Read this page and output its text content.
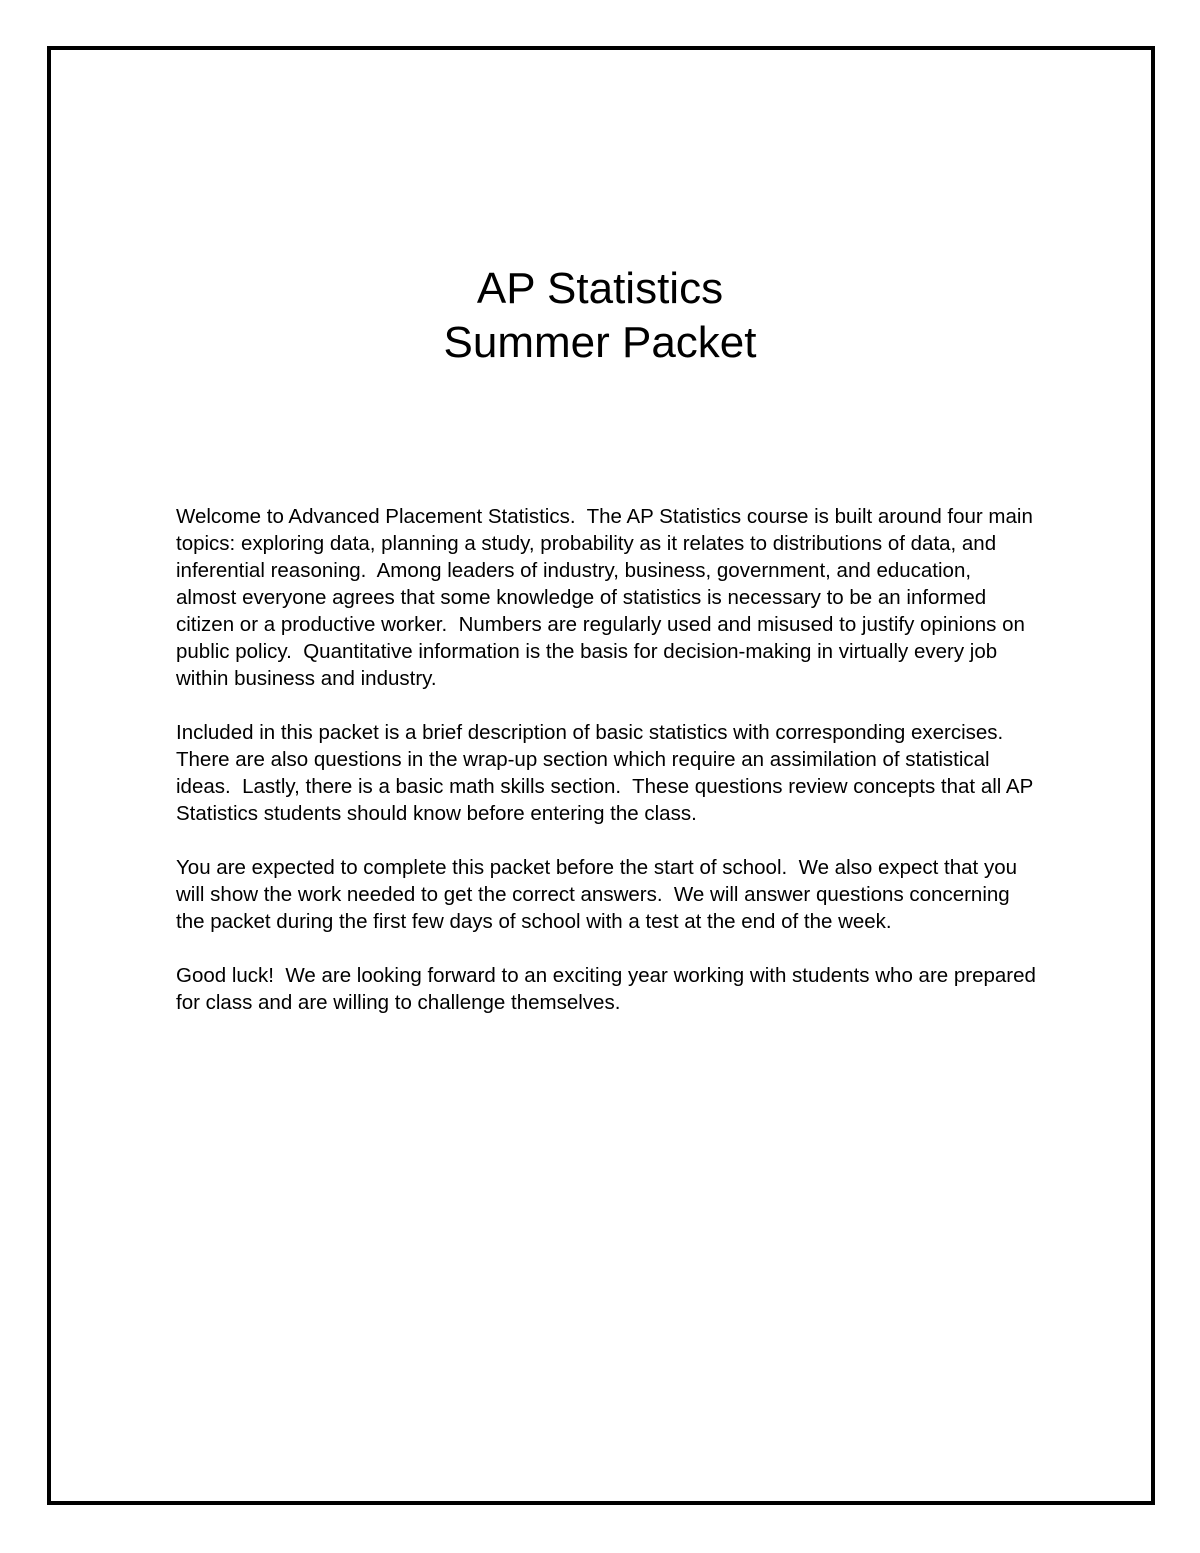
AP Statistics
Summer Packet

Welcome to Advanced Placement Statistics.  The AP Statistics course is built around four main topics: exploring data, planning a study, probability as it relates to distributions of data, and inferential reasoning.  Among leaders of industry, business, government, and education, almost everyone agrees that some knowledge of statistics is necessary to be an informed citizen or a productive worker.  Numbers are regularly used and misused to justify opinions on public policy.  Quantitative information is the basis for decision-making in virtually every job within business and industry.

Included in this packet is a brief description of basic statistics with corresponding exercises.  There are also questions in the wrap-up section which require an assimilation of statistical ideas.  Lastly, there is a basic math skills section.  These questions review concepts that all AP Statistics students should know before entering the class.

You are expected to complete this packet before the start of school.  We also expect that you will show the work needed to get the correct answers.  We will answer questions concerning the packet during the first few days of school with a test at the end of the week.

Good luck!  We are looking forward to an exciting year working with students who are prepared for class and are willing to challenge themselves.
